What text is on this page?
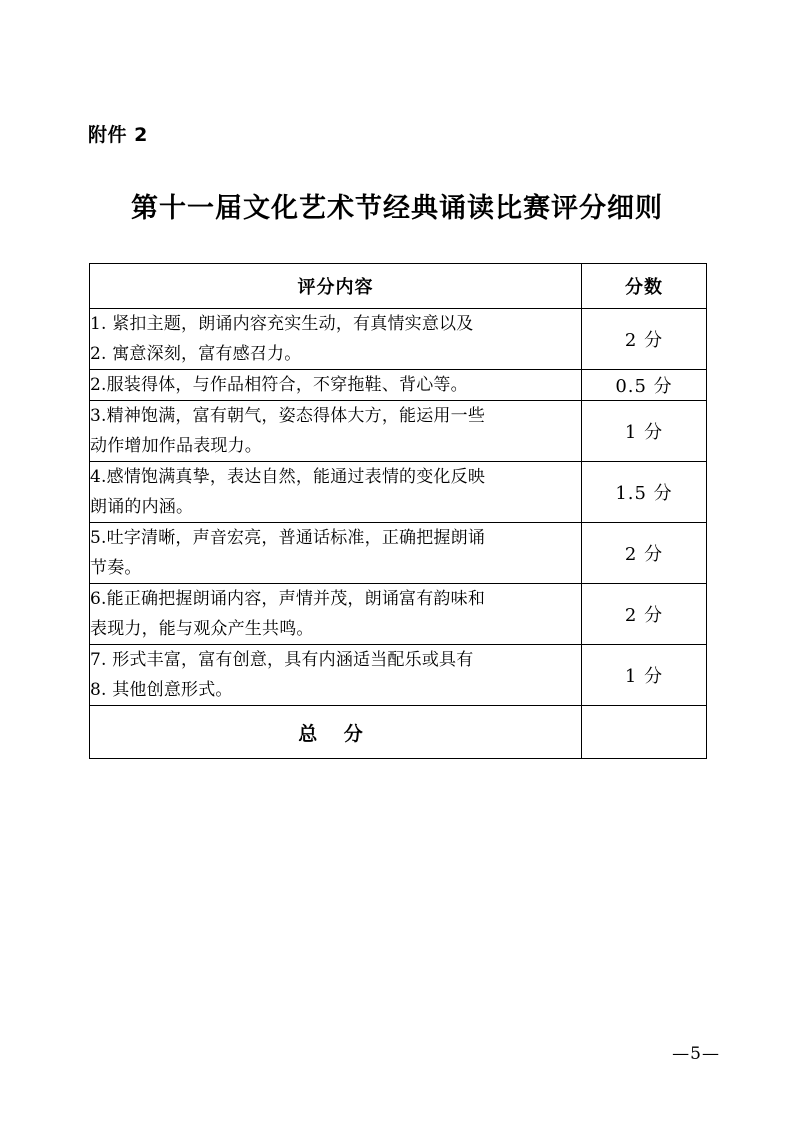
附件 2
第十一届文化艺术节经典诵读比赛评分细则
评分内容	分数

1. 紧扣主题，朗诵内容充实生动，有真情实意以及
2. 寓意深刻，富有感召力。	2 分

2.服装得体，与作品相符合，不穿拖鞋、背心等。	0.5 分

3.精神饱满，富有朝气，姿态得体大方，能运用一些
动作增加作品表现力。	1 分

4.感情饱满真挚，表达自然，能通过表情的变化反映
朗诵的内涵。	1.5 分

5.吐字清晰，声音宏亮，普通话标准，正确把握朗诵
节奏。	2 分

6.能正确把握朗诵内容，声情并茂，朗诵富有韵味和
表现力，能与观众产生共鸣。	2 分

7. 形式丰富，富有创意，具有内涵适当配乐或具有
8. 其他创意形式。	1 分
总 分	
—5—
